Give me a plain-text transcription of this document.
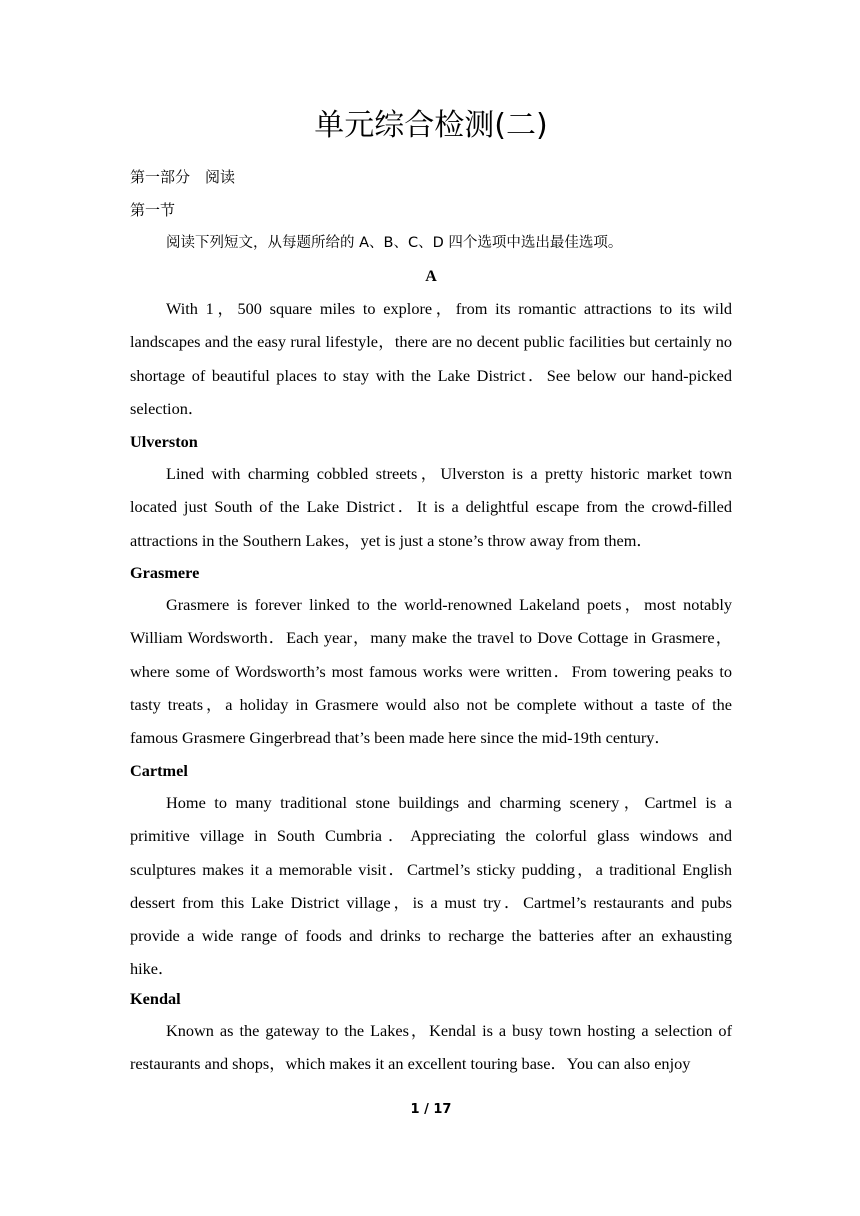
单元综合检测(二)
第一部分　阅读
第一节
阅读下列短文，从每题所给的 A、B、C、D 四个选项中选出最佳选项。
A

With 1，500 square miles to explore，from its romantic attractions to its wild landscapes and the easy rural lifestyle，there are no decent public facilities but certainly no shortage of beautiful places to stay with the Lake District．See below our hand-picked selection．

Ulverston

Lined with charming cobbled streets，Ulverston is a pretty historic market town located just South of the Lake District．It is a delightful escape from the crowd-filled attractions in the Southern Lakes，yet is just a stone’s throw away from them．

Grasmere

Grasmere is forever linked to the world-renowned Lakeland poets，most notably William Wordsworth．Each year，many make the travel to Dove Cottage in Grasmere，where some of Wordsworth’s most famous works were written．From towering peaks to tasty treats，a holiday in Grasmere would also not be complete without a taste of the famous Grasmere Gingerbread that’s been made here since the mid-19th century．

Cartmel

Home to many traditional stone buildings and charming scenery，Cartmel is a primitive village in South Cumbria．Appreciating the colorful glass windows and sculptures makes it a memorable visit．Cartmel’s sticky pudding，a traditional English dessert from this Lake District village，is a must try．Cartmel’s restaurants and pubs provide a wide range of foods and drinks to recharge the batteries after an exhausting hike．

Kendal

Known as the gateway to the Lakes，Kendal is a busy town hosting a selection of restaurants and shops，which makes it an excellent touring base．You can also enjoy

1 / 17
